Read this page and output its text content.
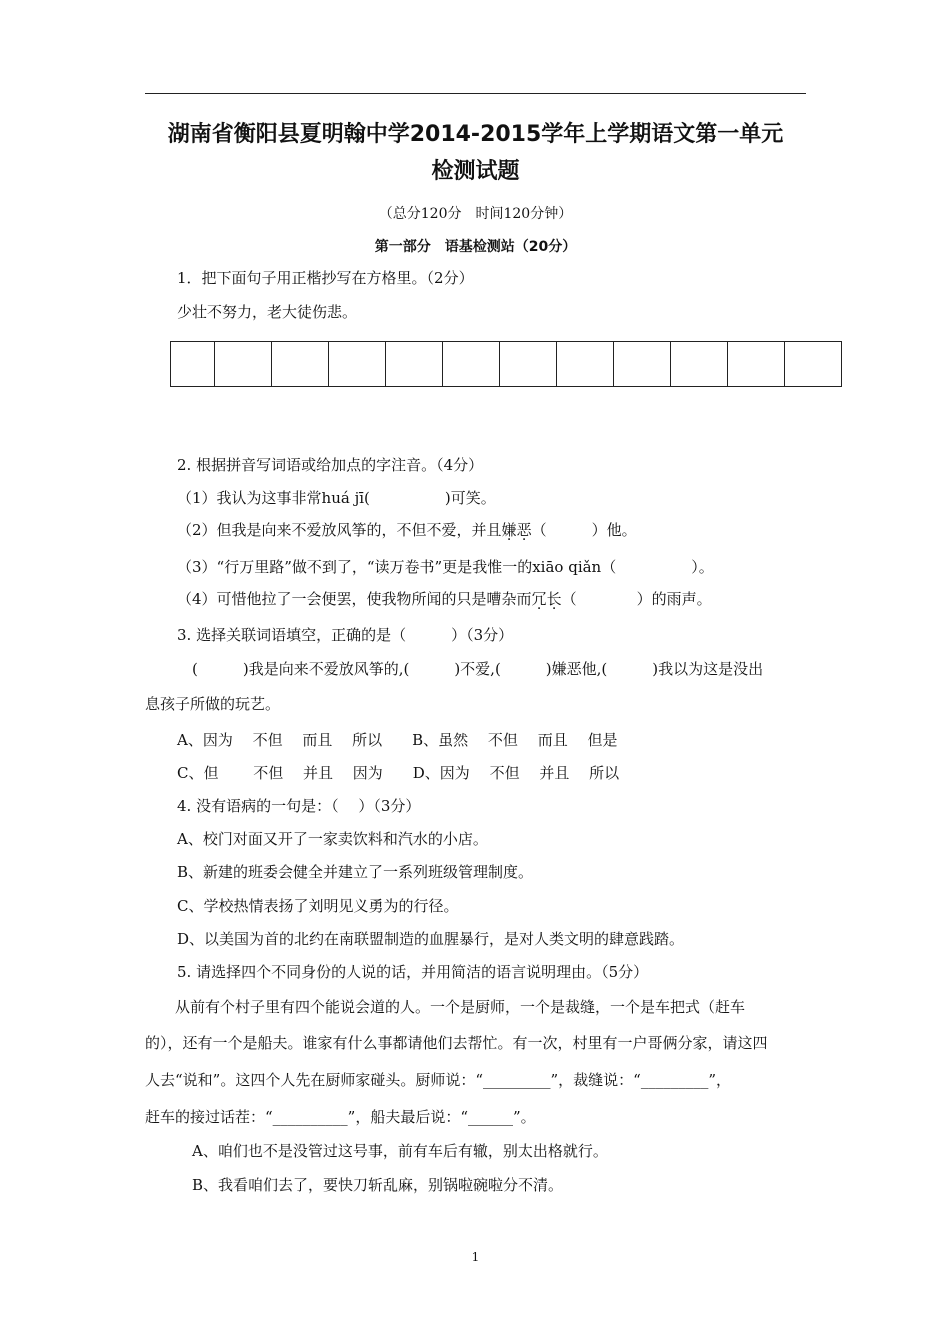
湖南省衡阳县夏明翰中学2014-2015学年上学期语文第一单元
检测试题
（总分120分　时间120分钟）
第一部分　语基检测站（20分）
1．把下面句子用正楷抄写在方格里。（2分）
少壮不努力，老大徒伤悲。
2. 根据拼音写词语或给加点的字注音。（4分）
（1）我认为这事非常huá jī(　　　　　)可笑。
（2）但我是向来不爱放风筝的，不但不爱，并且嫌恶（　　　）他。
（3）“行万里路”做不到了，“读万卷书”更是我惟一的xiāo qiǎn（　　　　　）。
（4）可惜他拉了一会便罢，使我物所闻的只是嘈杂而冗长（　　　　）的雨声。
3. 选择关联词语填空，正确的是（　　　）（3分）
　(　　　)我是向来不爱放风筝的,(　　　)不爱,(　　　)嫌恶他,(　　　)我以为这是没出
息孩子所做的玩艺。
A、因为　 不但　 而且　 所以　　B、虽然　 不但　 而且　 但是
C、但　　 不但　 并且　 因为　　D、因为　 不但　 并且　 所以
4. 没有语病的一句是：（　 ）（3分）
A、校门对面又开了一家卖饮料和汽水的小店。
B、新建的班委会健全并建立了一系列班级管理制度。
C、学校热情表扬了刘明见义勇为的行径。
D、以美国为首的北约在南联盟制造的血腥暴行，是对人类文明的肆意践踏。
5. 请选择四个不同身份的人说的话，并用简洁的语言说明理由。（5分）
　　从前有个村子里有四个能说会道的人。一个是厨师，一个是裁缝，一个是车把式（赶车
的），还有一个是船夫。谁家有什么事都请他们去帮忙。有一次，村里有一户哥俩分家，请这四
人去“说和”。这四个人先在厨师家碰头。厨师说：“_________”，裁缝说：“_________”，
赶车的接过话茬：“__________”，船夫最后说：“______”。
　A、咱们也不是没管过这号事，前有车后有辙，别太出格就行。
　B、我看咱们去了，要快刀斩乱麻，别锅啦碗啦分不清。
1
